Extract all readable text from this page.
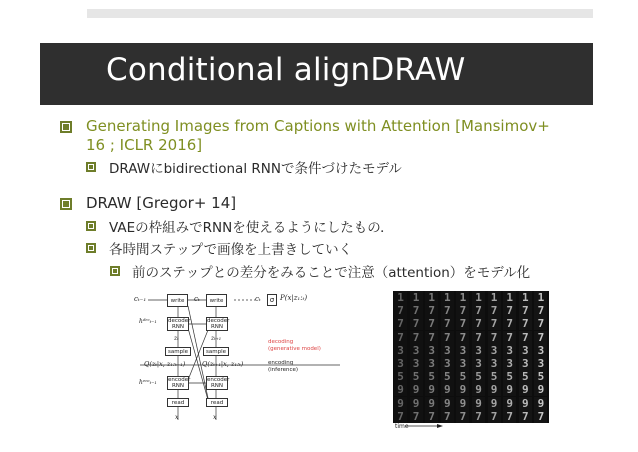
Conditional alignDRAW
Generating Images from Captions with Attention [Mansimov+
16 ; ICLR 2016]
DRAWにbidirectional RNNで条件づけたモデル
DRAW [Gregor+ 14]
VAEの枠組みでRNNを使えるようにしたもの．
各時間ステップで画像を上書きしていく
前のステップとの差分をみることで注意（attention）をモデル化
cₜ₋₁	write	cₜ	write	cₜ	σ P(x|z₁:ₜ)
hᵈᵉᶜₜ₋₁ decoder
RNN
decoder
RNN
zₜ	zₜ₊₁
sample	sample
decoding
(generative model)
encoding
(inference)
Q(zₜ|x, z₁:ₜ₋₁)	Q(zₜ₊₁|x, z₁:ₜ)
hᵉⁿᶜₜ₋₁ encoder
RNN
encoder
RNN
read	read
x	x
1 1 1 1 1 1 1 1 1 1
7 7 7 7 7 7 7 7 7 7
7 7 7 7 7 7 7 7 7 7
7 7 7 7 7 7 7 7 7 7
3 3 3 3 3 3 3 3 3 3
3 3 3 3 3 3 3 3 3 3
5 5 5 5 5 5 5 5 5 5
9 9 9 9 9 9 9 9 9 9
9 9 9 9 9 9 9 9 9 9
7 7 7 7 7 7 7 7 7 7
time
